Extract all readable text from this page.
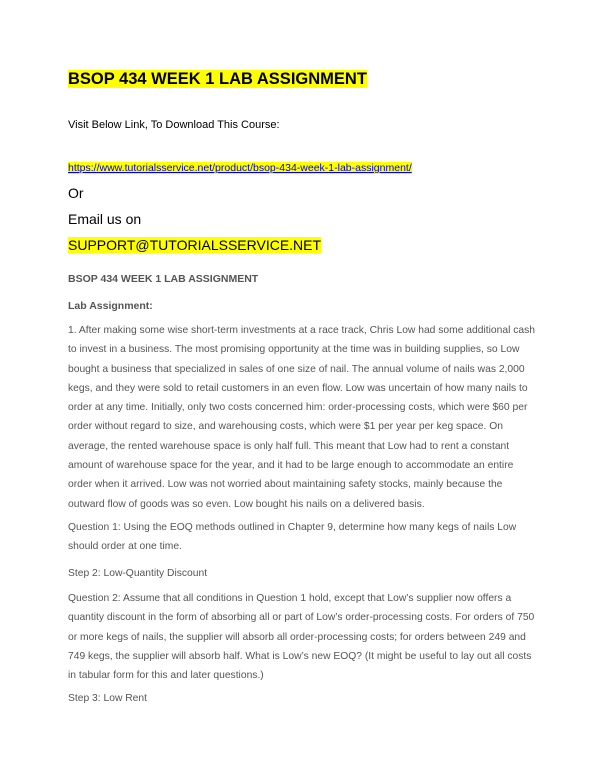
BSOP 434 WEEK 1 LAB ASSIGNMENT
Visit Below Link, To Download This Course:
https://www.tutorialsservice.net/product/bsop-434-week-1-lab-assignment/
Or
Email us on
SUPPORT@TUTORIALSSERVICE.NET
BSOP 434 WEEK 1 LAB ASSIGNMENT
Lab Assignment:

1. After making some wise short-term investments at a race track, Chris Low had some additional cash to invest in a business. The most promising opportunity at the time was in building supplies, so Low bought a business that specialized in sales of one size of nail. The annual volume of nails was 2,000 kegs, and they were sold to retail customers in an even flow. Low was uncertain of how many nails to order at any time. Initially, only two costs concerned him: order-processing costs, which were $60 per order without regard to size, and warehousing costs, which were $1 per year per keg space. On average, the rented warehouse space is only half full. This meant that Low had to rent a constant amount of warehouse space for the year, and it had to be large enough to accommodate an entire order when it arrived. Low was not worried about maintaining safety stocks, mainly because the outward flow of goods was so even. Low bought his nails on a delivered basis.

Question 1: Using the EOQ methods outlined in Chapter 9, determine how many kegs of nails Low should order at one time.

Step 2: Low-Quantity Discount

Question 2: Assume that all conditions in Question 1 hold, except that Low’s supplier now offers a quantity discount in the form of absorbing all or part of Low’s order-processing costs. For orders of 750 or more kegs of nails, the supplier will absorb all order-processing costs; for orders between 249 and 749 kegs, the supplier will absorb half. What is Low’s new EOQ? (It might be useful to lay out all costs in tabular form for this and later questions.)

Step 3: Low Rent
